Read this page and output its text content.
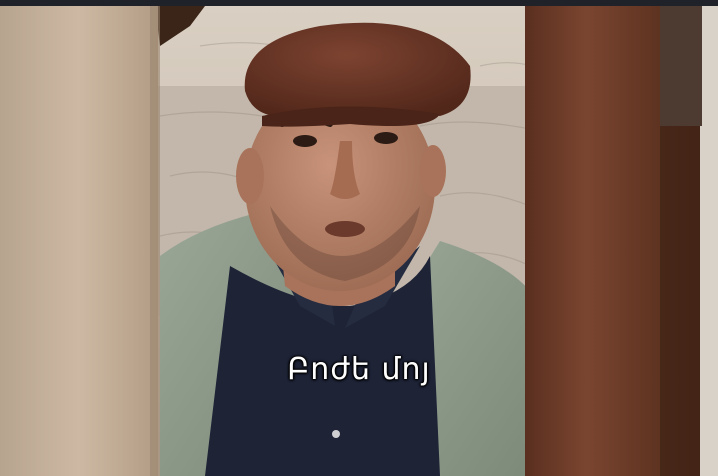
Բոժե մոյ
